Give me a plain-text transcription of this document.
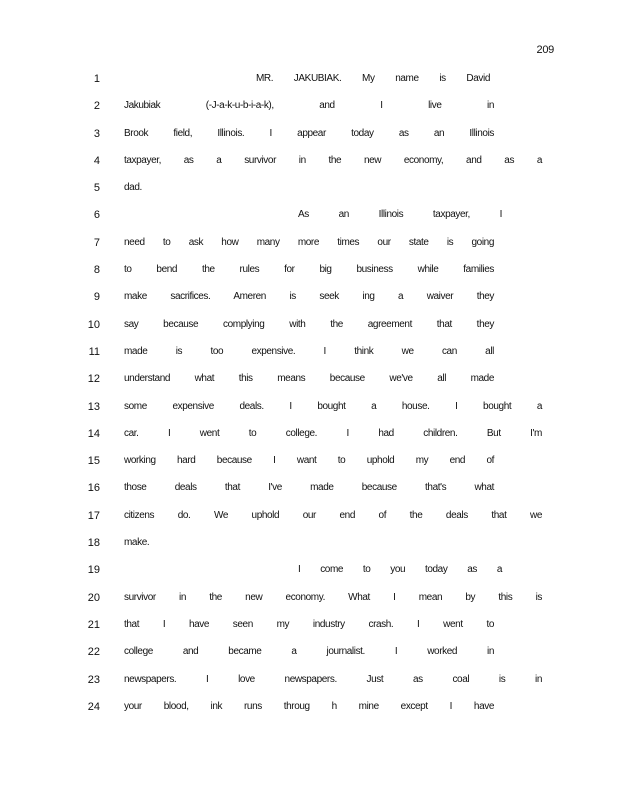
209
1	MR. JAKUBIAK. My name is David
2 Jakubiak (-J-a-k-u-b-i-a-k), and I live in
3 Brook field, Illinois. I appear today as an Illinois
4 taxpayer, as a survivor in the new economy, and as a
5 dad.
6	As an Illinois taxpayer, I
7 need to ask how many more times our state is going
8 to bend the rules for big business while families
9 make sacrifices. Ameren is seek ing a waiver they
10 say because complying with the agreement that they
11 made is too expensive. I think we can all
12 understand what this means because we've all made
13 some expensive deals. I bought a house. I bought a
14 car. I went to college. I had children. But I'm
15 working hard because I want to uphold my end of
16 those deals that I've made because that's what
17 citizens do. We uphold our end of the deals that we
18 make.
19	I come to you today as a
20 survivor in the new economy. What I mean by this is
21 that I have seen my industry crash. I went to
22 college and became a journalist. I worked in
23 newspapers. I love newspapers. Just as coal is in
24 your blood, ink runs throug h mine except I have
